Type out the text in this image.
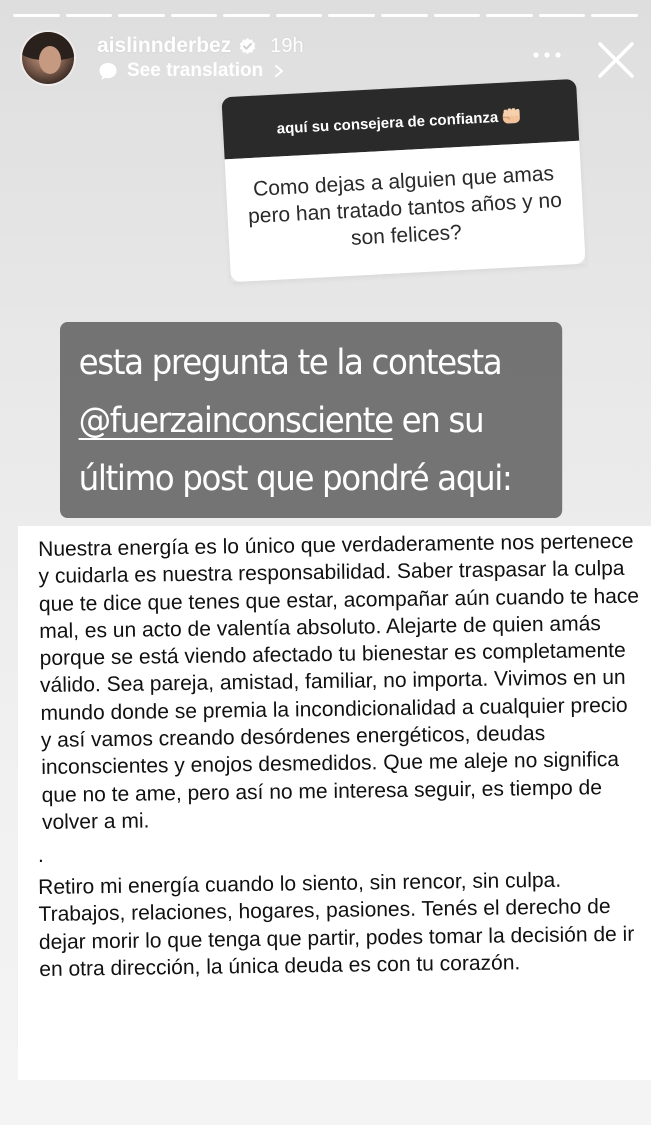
aislinnderbez 19h
See translation
aquí su consejera de confianza
Como dejas a alguien que amas pero han tratado tantos años y no son felices?
esta pregunta te la contesta
@fuerzainconsciente en su
último post que pondré aqui:

Nuestra energía es lo único que verdaderamente nos pertenece y cuidarla es nuestra responsabilidad. Saber traspasar la culpa que te dice que tenes que estar, acompañar aún cuando te hace mal, es un acto de valentía absoluto. Alejarte de quien amás porque se está viendo afectado tu bienestar es completamente válido. Sea pareja, amistad, familiar, no importa. Vivimos en un mundo donde se premia la incondicionalidad a cualquier precio y así vamos creando desórdenes energéticos, deudas inconscientes y enojos desmedidos. Que me aleje no significa que no te ame, pero así no me interesa seguir, es tiempo de volver a mi.

.

Retiro mi energía cuando lo siento, sin rencor, sin culpa. Trabajos, relaciones, hogares, pasiones. Tenés el derecho de dejar morir lo que tenga que partir, podes tomar la decisión de ir en otra dirección, la única deuda es con tu corazón.
